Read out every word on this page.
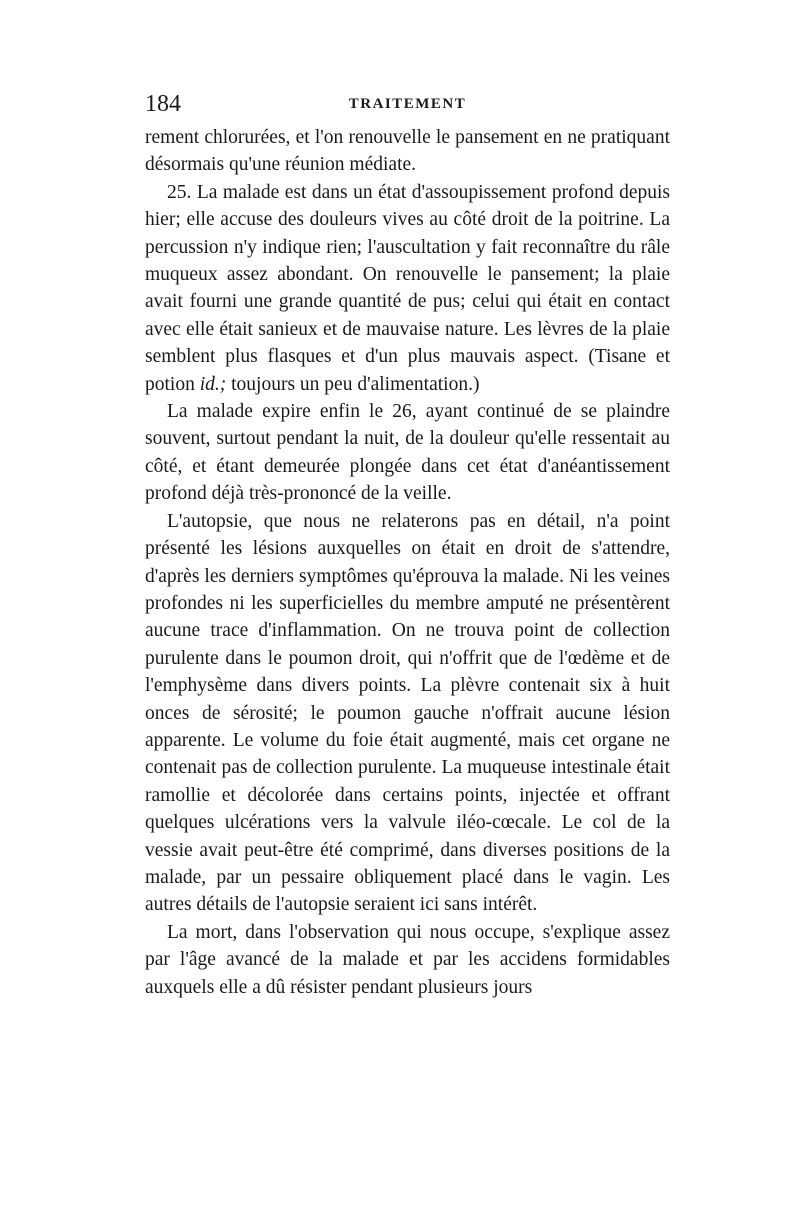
184	TRAITEMENT

rement chlorurées, et l'on renouvelle le pansement en ne pratiquant désormais qu'une réunion médiate.

25. La malade est dans un état d'assoupissement profond depuis hier; elle accuse des douleurs vives au côté droit de la poitrine. La percussion n'y indique rien; l'auscultation y fait reconnaître du râle muqueux assez abondant. On renouvelle le pansement; la plaie avait fourni une grande quantité de pus; celui qui était en contact avec elle était sanieux et de mauvaise nature. Les lèvres de la plaie semblent plus flasques et d'un plus mauvais aspect. (Tisane et potion id.; toujours un peu d'alimentation.)

La malade expire enfin le 26, ayant continué de se plaindre souvent, surtout pendant la nuit, de la douleur qu'elle ressentait au côté, et étant demeurée plongée dans cet état d'anéantissement profond déjà très-prononcé de la veille.

L'autopsie, que nous ne relaterons pas en détail, n'a point présenté les lésions auxquelles on était en droit de s'attendre, d'après les derniers symptômes qu'éprouva la malade. Ni les veines profondes ni les superficielles du membre amputé ne présentèrent aucune trace d'inflammation. On ne trouva point de collection purulente dans le poumon droit, qui n'offrit que de l'œdème et de l'emphysème dans divers points. La plèvre contenait six à huit onces de sérosité; le poumon gauche n'offrait aucune lésion apparente. Le volume du foie était augmenté, mais cet organe ne contenait pas de collection purulente. La muqueuse intestinale était ramollie et décolorée dans certains points, injectée et offrant quelques ulcérations vers la valvule iléo-cœcale. Le col de la vessie avait peut-être été comprimé, dans diverses positions de la malade, par un pessaire obliquement placé dans le vagin. Les autres détails de l'autopsie seraient ici sans intérêt.

La mort, dans l'observation qui nous occupe, s'explique assez par l'âge avancé de la malade et par les accidens formidables auxquels elle a dû résister pendant plusieurs jours
